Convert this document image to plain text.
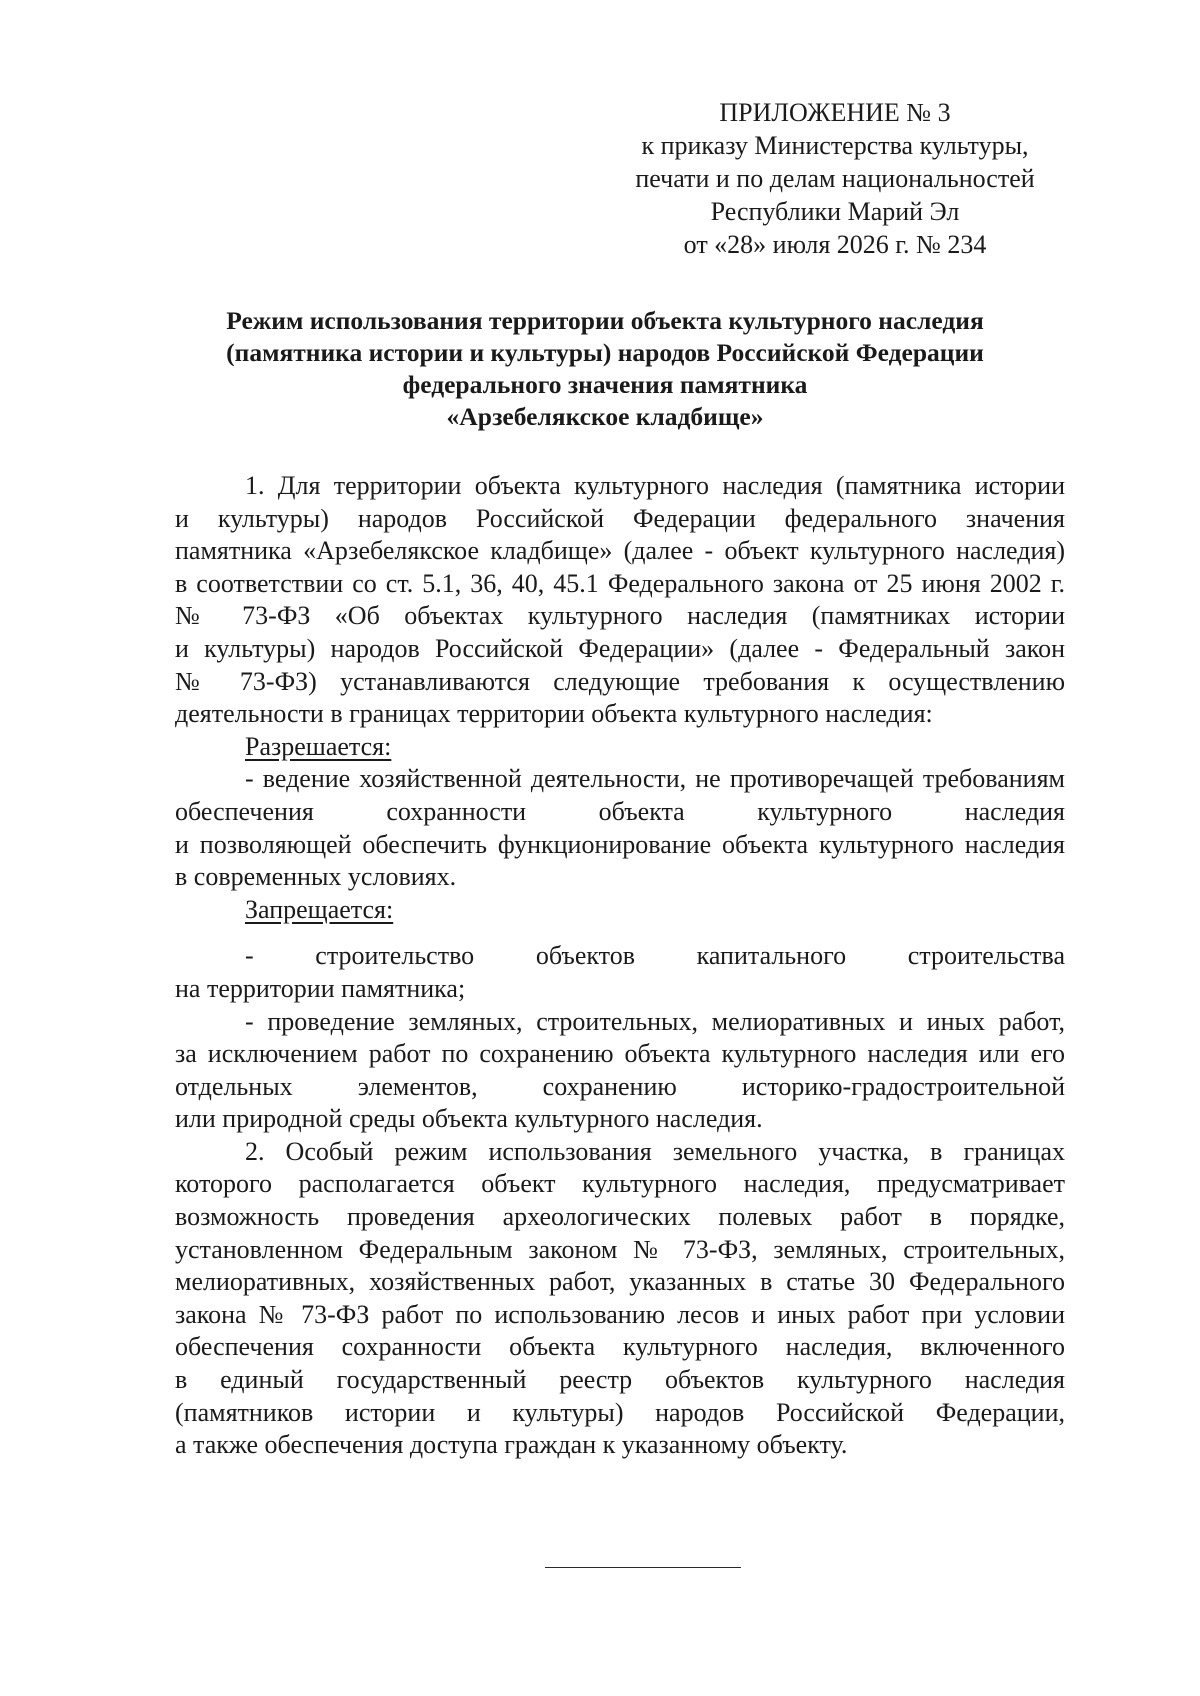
ПРИЛОЖЕНИЕ № 3
к приказу Министерства культуры,
печати и по делам национальностей
Республики Марий Эл
от «28» июля 2026 г. № 234
Режим использования территории объекта культурного наследия
(памятника истории и культуры) народов Российской Федерации
федерального значения памятника
«Арзебелякское кладбище»
1. Для территории объекта культурного наследия (памятника истории
и культуры) народов Российской Федерации федерального значения
памятника «Арзебелякское кладбище» (далее - объект культурного наследия)
в соответствии со ст. 5.1, 36, 40, 45.1 Федерального закона от 25 июня 2002 г.
№ 73-ФЗ «Об объектах культурного наследия (памятниках истории
и культуры) народов Российской Федерации» (далее - Федеральный закон
№ 73-ФЗ) устанавливаются следующие требования к осуществлению
деятельности в границах территории объекта культурного наследия:
Разрешается:
- ведение хозяйственной деятельности, не противоречащей требованиям
обеспечения сохранности объекта культурного наследия
и позволяющей обеспечить функционирование объекта культурного наследия
в современных условиях.
Запрещается:
- строительство объектов капитального строительства
на территории памятника;
- проведение земляных, строительных, мелиоративных и иных работ,
за исключением работ по сохранению объекта культурного наследия или его
отдельных элементов, сохранению историко-градостроительной
или природной среды объекта культурного наследия.
2. Особый режим использования земельного участка, в границах
которого располагается объект культурного наследия, предусматривает
возможность проведения археологических полевых работ в порядке,
установленном Федеральным законом № 73-ФЗ, земляных, строительных,
мелиоративных, хозяйственных работ, указанных в статье 30 Федерального
закона № 73-ФЗ работ по использованию лесов и иных работ при условии
обеспечения сохранности объекта культурного наследия, включенного
в единый государственный реестр объектов культурного наследия
(памятников истории и культуры) народов Российской Федерации,
а также обеспечения доступа граждан к указанному объекту.
